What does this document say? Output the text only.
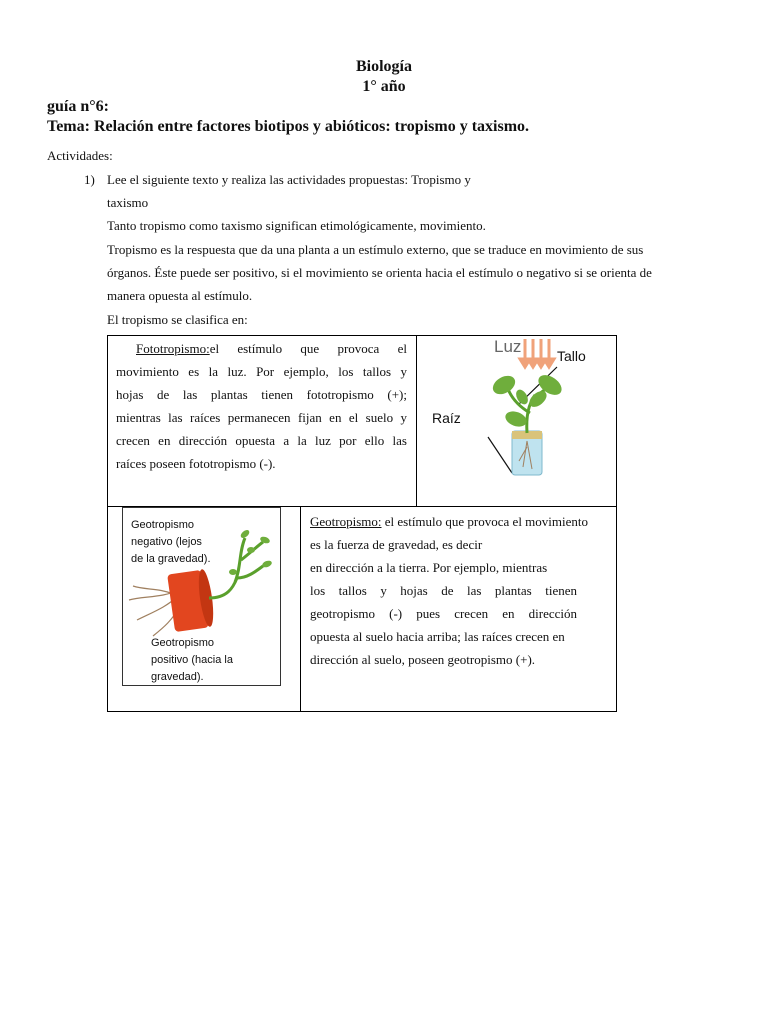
Biología
1° año
guía n°6:
Tema: Relación entre factores biotipos y abióticos: tropismo y taxismo.
Actividades:
1) Lee el siguiente texto y realiza las actividades propuestas: Tropismo y
taxismo
Tanto tropismo como taxismo significan etimológicamente, movimiento.
Tropismo es la respuesta que da una planta a un estímulo externo, que se traduce en movimiento de sus
órganos. Éste puede ser positivo, si el movimiento se orienta hacia el estímulo o negativo si se orienta de
manera opuesta al estímulo.
El tropismo se clasifica en:
Fototropismo:el estímulo que provoca el
movimiento es la luz. Por ejemplo, los tallos y
hojas de las plantas tienen fototropismo (+);
mientras las raíces permanecen fijan en el suelo y
crecen en dirección opuesta a la luz por ello las
raíces poseen fototropismo (-).
Luz	Tallo
Raíz
Geotropismo
negativo (lejos
de la gravedad).
Geotropismo
positivo (hacia la
gravedad).
Geotropismo: el estímulo que provoca el movimiento
es la fuerza de gravedad, es decir
en dirección a la tierra. Por ejemplo, mientras
los tallos y hojas de las plantas tienen
geotropismo (-) pues crecen en dirección
opuesta al suelo hacia arriba; las raíces crecen en
dirección al suelo, poseen geotropismo (+).
